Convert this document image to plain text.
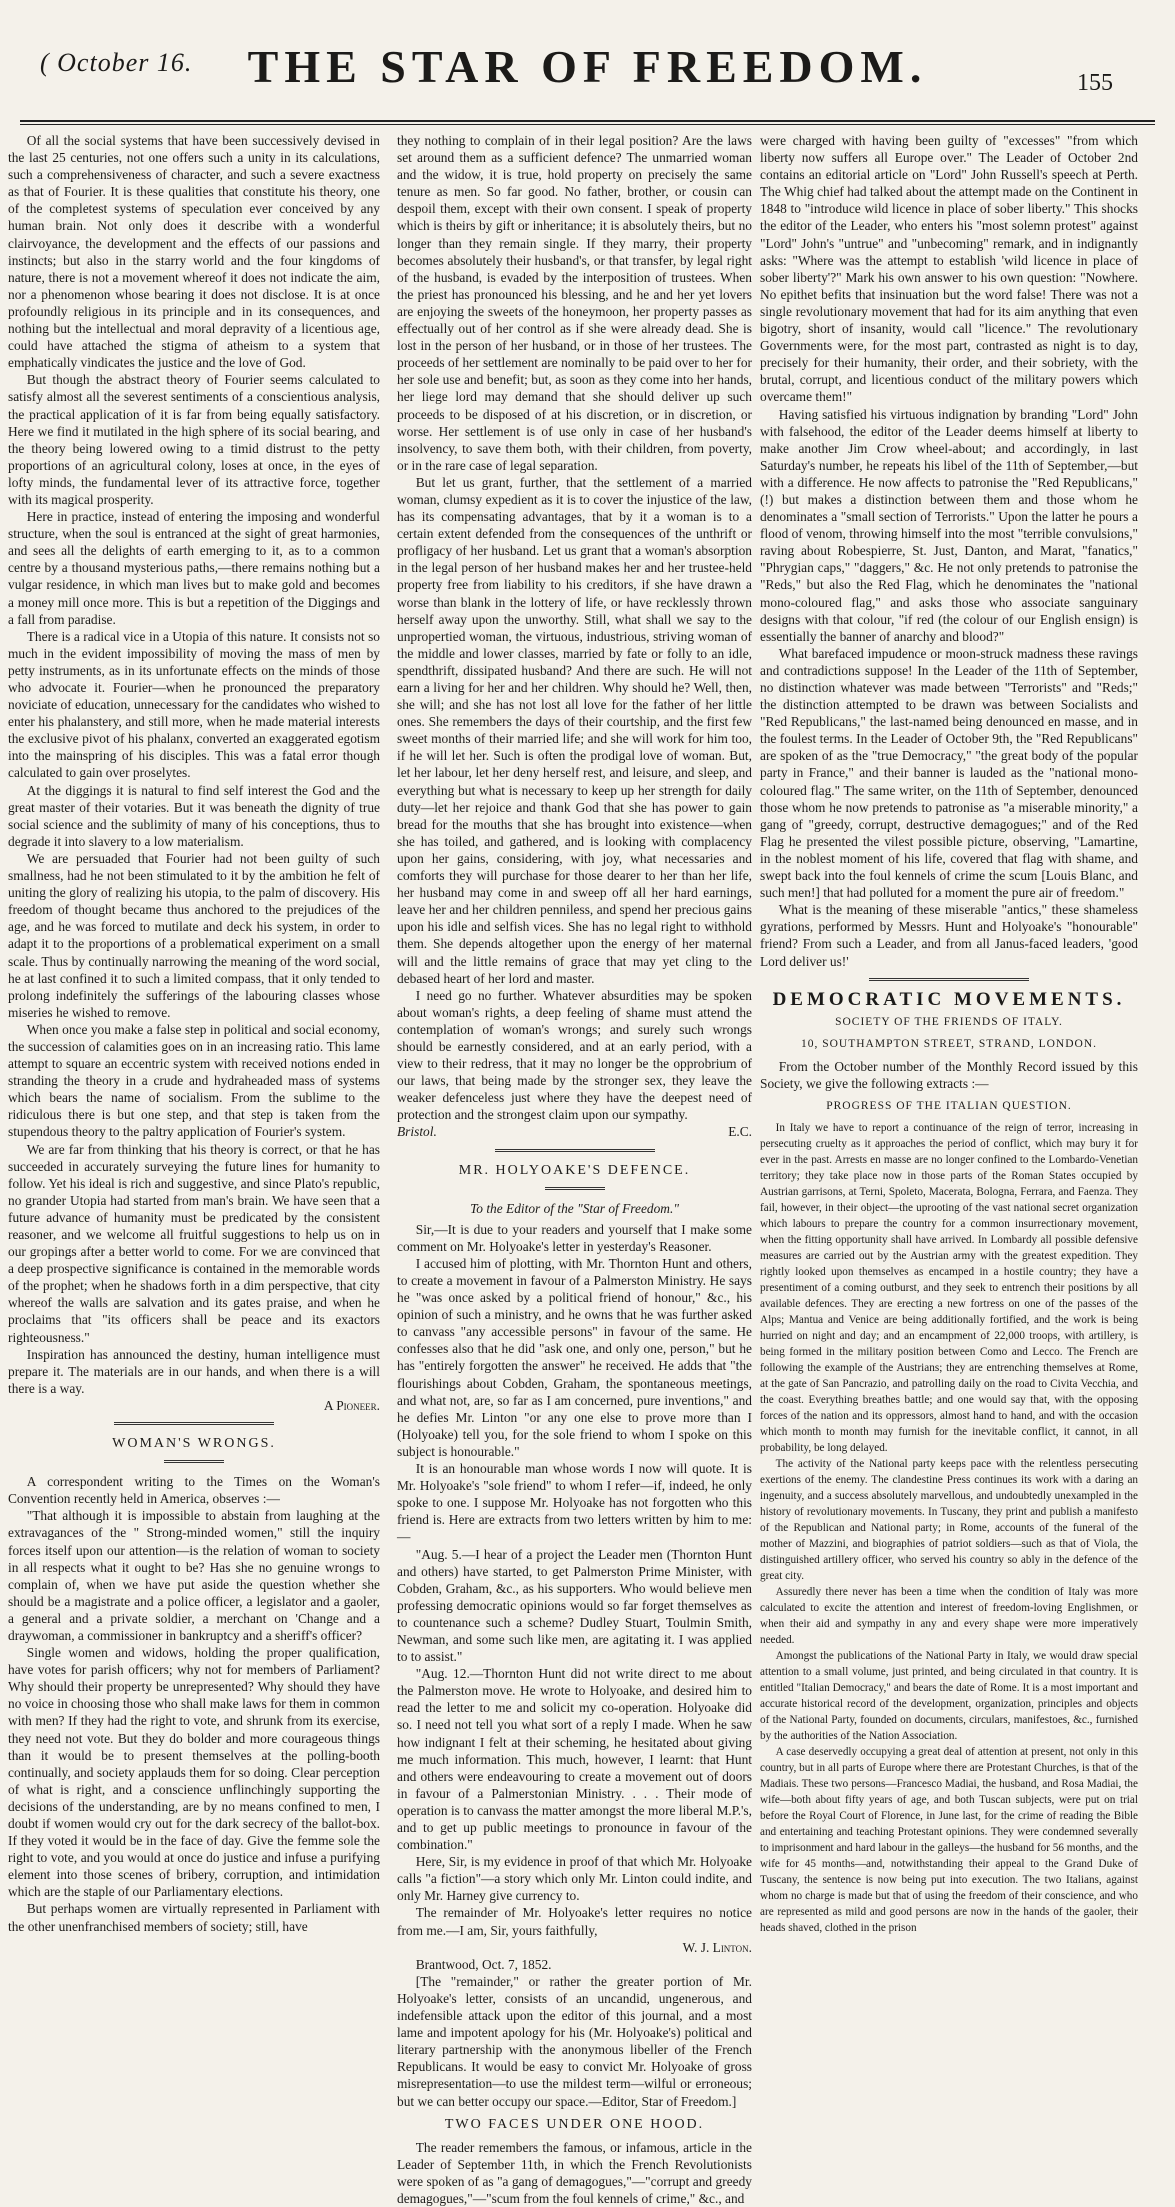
( October 16.	THE STAR OF FREEDOM.	155

Of all the social systems that have been successively devised in the last 25 centuries, not one offers such a unity in its calculations, such a comprehensiveness of character, and such a severe exactness as that of Fourier. It is these qualities that constitute his theory, one of the completest systems of speculation ever conceived by any human brain. Not only does it describe with a wonderful clairvoyance, the development and the effects of our passions and instincts; but also in the starry world and the four kingdoms of nature, there is not a movement whereof it does not indicate the aim, nor a phenomenon whose bearing it does not disclose. It is at once profoundly religious in its principle and in its consequences, and nothing but the intellectual and moral depravity of a licentious age, could have attached the stigma of atheism to a system that emphatically vindicates the justice and the love of God.

But though the abstract theory of Fourier seems calculated to satisfy almost all the severest sentiments of a conscientious analysis, the practical application of it is far from being equally satisfactory. Here we find it mutilated in the high sphere of its social bearing, and the theory being lowered owing to a timid distrust to the petty proportions of an agricultural colony, loses at once, in the eyes of lofty minds, the fundamental lever of its attractive force, together with its magical prosperity.

Here in practice, instead of entering the imposing and wonderful structure, when the soul is entranced at the sight of great harmonies, and sees all the delights of earth emerging to it, as to a common centre by a thousand mysterious paths,—there remains nothing but a vulgar residence, in which man lives but to make gold and becomes a money mill once more. This is but a repetition of the Diggings and a fall from paradise.

There is a radical vice in a Utopia of this nature. It consists not so much in the evident impossibility of moving the mass of men by petty instruments, as in its unfortunate effects on the minds of those who advocate it. Fourier—when he pronounced the preparatory noviciate of education, unnecessary for the candidates who wished to enter his phalanstery, and still more, when he made material interests the exclusive pivot of his phalanx, converted an exaggerated egotism into the mainspring of his disciples. This was a fatal error though calculated to gain over proselytes.

At the diggings it is natural to find self interest the God and the great master of their votaries. But it was beneath the dignity of true social science and the sublimity of many of his conceptions, thus to degrade it into slavery to a low materialism.

We are persuaded that Fourier had not been guilty of such smallness, had he not been stimulated to it by the ambition he felt of uniting the glory of realizing his utopia, to the palm of discovery. His freedom of thought became thus anchored to the prejudices of the age, and he was forced to mutilate and deck his system, in order to adapt it to the proportions of a problematical experiment on a small scale. Thus by continually narrowing the meaning of the word social, he at last confined it to such a limited compass, that it only tended to prolong indefinitely the sufferings of the labouring classes whose miseries he wished to remove.

When once you make a false step in political and social economy, the succession of calamities goes on in an increasing ratio. This lame attempt to square an eccentric system with received notions ended in stranding the theory in a crude and hydraheaded mass of systems which bears the name of socialism. From the sublime to the ridiculous there is but one step, and that step is taken from the stupendous theory to the paltry application of Fourier's system.

We are far from thinking that his theory is correct, or that he has succeeded in accurately surveying the future lines for humanity to follow. Yet his ideal is rich and suggestive, and since Plato's republic, no grander Utopia had started from man's brain. We have seen that a future advance of humanity must be predicated by the consistent reasoner, and we welcome all fruitful suggestions to help us on in our gropings after a better world to come. For we are convinced that a deep prospective significance is contained in the memorable words of the prophet; when he shadows forth in a dim perspective, that city whereof the walls are salvation and its gates praise, and when he proclaims that "its officers shall be peace and its exactors righteousness."

Inspiration has announced the destiny, human intelligence must prepare it. The materials are in our hands, and when there is a will there is a way.

A Pioneer.
WOMAN'S WRONGS.

A correspondent writing to the Times on the Woman's Convention recently held in America, observes :—

"That although it is impossible to abstain from laughing at the extravagances of the " Strong-minded women," still the inquiry forces itself upon our attention—is the relation of woman to society in all respects what it ought to be? Has she no genuine wrongs to complain of, when we have put aside the question whether she should be a magistrate and a police officer, a legislator and a gaoler, a general and a private soldier, a merchant on 'Change and a draywoman, a commissioner in bankruptcy and a sheriff's officer?

Single women and widows, holding the proper qualification, have votes for parish officers; why not for members of Parliament? Why should their property be unrepresented? Why should they have no voice in choosing those who shall make laws for them in common with men? If they had the right to vote, and shrunk from its exercise, they need not vote. But they do bolder and more courageous things than it would be to present themselves at the polling-booth continually, and society applauds them for so doing. Clear perception of what is right, and a conscience unflinchingly supporting the decisions of the understanding, are by no means confined to men, I doubt if women would cry out for the dark secrecy of the ballot-box. If they voted it would be in the face of day. Give the femme sole the right to vote, and you would at once do justice and infuse a purifying element into those scenes of bribery, corruption, and intimidation which are the staple of our Parliamentary elections.

But perhaps women are virtually represented in Parliament with the other unenfranchised members of society; still, have

they nothing to complain of in their legal position? Are the laws set around them as a sufficient defence? The unmarried woman and the widow, it is true, hold property on precisely the same tenure as men. So far good. No father, brother, or cousin can despoil them, except with their own consent. I speak of property which is theirs by gift or inheritance; it is absolutely theirs, but no longer than they remain single. If they marry, their property becomes absolutely their husband's, or that transfer, by legal right of the husband, is evaded by the interposition of trustees. When the priest has pronounced his blessing, and he and her yet lovers are enjoying the sweets of the honeymoon, her property passes as effectually out of her control as if she were already dead. She is lost in the person of her husband, or in those of her trustees. The proceeds of her settlement are nominally to be paid over to her for her sole use and benefit; but, as soon as they come into her hands, her liege lord may demand that she should deliver up such proceeds to be disposed of at his discretion, or in discretion, or worse. Her settlement is of use only in case of her husband's insolvency, to save them both, with their children, from poverty, or in the rare case of legal separation.

But let us grant, further, that the settlement of a married woman, clumsy expedient as it is to cover the injustice of the law, has its compensating advantages, that by it a woman is to a certain extent defended from the consequences of the unthrift or profligacy of her husband. Let us grant that a woman's absorption in the legal person of her husband makes her and her trustee-held property free from liability to his creditors, if she have drawn a worse than blank in the lottery of life, or have recklessly thrown herself away upon the unworthy. Still, what shall we say to the unpropertied woman, the virtuous, industrious, striving woman of the middle and lower classes, married by fate or folly to an idle, spendthrift, dissipated husband? And there are such. He will not earn a living for her and her children. Why should he? Well, then, she will; and she has not lost all love for the father of her little ones. She remembers the days of their courtship, and the first few sweet months of their married life; and she will work for him too, if he will let her. Such is often the prodigal love of woman. But, let her labour, let her deny herself rest, and leisure, and sleep, and everything but what is necessary to keep up her strength for daily duty—let her rejoice and thank God that she has power to gain bread for the mouths that she has brought into existence—when she has toiled, and gathered, and is looking with complacency upon her gains, considering, with joy, what necessaries and comforts they will purchase for those dearer to her than her life, her husband may come in and sweep off all her hard earnings, leave her and her children penniless, and spend her precious gains upon his idle and selfish vices. She has no legal right to withhold them. She depends altogether upon the energy of her maternal will and the little remains of grace that may yet cling to the debased heart of her lord and master.

I need go no further. Whatever absurdities may be spoken about woman's rights, a deep feeling of shame must attend the contemplation of woman's wrongs; and surely such wrongs should be earnestly considered, and at an early period, with a view to their redress, that it may no longer be the opprobrium of our laws, that being made by the stronger sex, they leave the weaker defenceless just where they have the deepest need of protection and the strongest claim upon our sympathy.

Bristol.	E.C.
MR. HOLYOAKE'S DEFENCE.
To the Editor of the "Star of Freedom."

Sir,—It is due to your readers and yourself that I make some comment on Mr. Holyoake's letter in yesterday's Reasoner.

I accused him of plotting, with Mr. Thornton Hunt and others, to create a movement in favour of a Palmerston Ministry. He says he "was once asked by a political friend of honour," &c., his opinion of such a ministry, and he owns that he was further asked to canvass "any accessible persons" in favour of the same. He confesses also that he did "ask one, and only one, person," but he has "entirely forgotten the answer" he received. He adds that "the flourishings about Cobden, Graham, the spontaneous meetings, and what not, are, so far as I am concerned, pure inventions," and he defies Mr. Linton "or any one else to prove more than I (Holyoake) tell you, for the sole friend to whom I spoke on this subject is honourable."

It is an honourable man whose words I now will quote. It is Mr. Holyoake's "sole friend" to whom I refer—if, indeed, he only spoke to one. I suppose Mr. Holyoake has not forgotten who this friend is. Here are extracts from two letters written by him to me:—

"Aug. 5.—I hear of a project the Leader men (Thornton Hunt and others) have started, to get Palmerston Prime Minister, with Cobden, Graham, &c., as his supporters. Who would believe men professing democratic opinions would so far forget themselves as to countenance such a scheme? Dudley Stuart, Toulmin Smith, Newman, and some such like men, are agitating it. I was applied to to assist."

"Aug. 12.—Thornton Hunt did not write direct to me about the Palmerston move. He wrote to Holyoake, and desired him to read the letter to me and solicit my co-operation. Holyoake did so. I need not tell you what sort of a reply I made. When he saw how indignant I felt at their scheming, he hesitated about giving me much information. This much, however, I learnt: that Hunt and others were endeavouring to create a movement out of doors in favour of a Palmerstonian Ministry. . . . Their mode of operation is to canvass the matter amongst the more liberal M.P.'s, and to get up public meetings to pronounce in favour of the combination."

Here, Sir, is my evidence in proof of that which Mr. Holyoake calls "a fiction"—a story which only Mr. Linton could indite, and only Mr. Harney give currency to.

The remainder of Mr. Holyoake's letter requires no notice from me.—I am, Sir, yours faithfully,

W. J. Linton.

Brantwood, Oct. 7, 1852.

[The "remainder," or rather the greater portion of Mr. Holyoake's letter, consists of an uncandid, ungenerous, and indefensible attack upon the editor of this journal, and a most lame and impotent apology for his (Mr. Holyoake's) political and literary partnership with the anonymous libeller of the French Republicans. It would be easy to convict Mr. Holyoake of gross misrepresentation—to use the mildest term—wilful or erroneous; but we can better occupy our space.—Editor, Star of Freedom.]

TWO FACES UNDER ONE HOOD.

The reader remembers the famous, or infamous, article in the Leader of September 11th, in which the French Revolutionists were spoken of as "a gang of demagogues,"—"corrupt and greedy demagogues,"—"scum from the foul kennels of crime," &c., and

were charged with having been guilty of "excesses" "from which liberty now suffers all Europe over." The Leader of October 2nd contains an editorial article on "Lord" John Russell's speech at Perth. The Whig chief had talked about the attempt made on the Continent in 1848 to "introduce wild licence in place of sober liberty." This shocks the editor of the Leader, who enters his "most solemn protest" against "Lord" John's "untrue" and "unbecoming" remark, and in indignantly asks: "Where was the attempt to establish 'wild licence in place of sober liberty'?" Mark his own answer to his own question: "Nowhere. No epithet befits that insinuation but the word false! There was not a single revolutionary movement that had for its aim anything that even bigotry, short of insanity, would call "licence." The revolutionary Governments were, for the most part, contrasted as night is to day, precisely for their humanity, their order, and their sobriety, with the brutal, corrupt, and licentious conduct of the military powers which overcame them!"

Having satisfied his virtuous indignation by branding "Lord" John with falsehood, the editor of the Leader deems himself at liberty to make another Jim Crow wheel-about; and accordingly, in last Saturday's number, he repeats his libel of the 11th of September,—but with a difference. He now affects to patronise the "Red Republicans," (!) but makes a distinction between them and those whom he denominates a "small section of Terrorists." Upon the latter he pours a flood of venom, throwing himself into the most "terrible convulsions," raving about Robespierre, St. Just, Danton, and Marat, "fanatics," "Phrygian caps," "daggers," &c. He not only pretends to patronise the "Reds," but also the Red Flag, which he denominates the "national mono-coloured flag," and asks those who associate sanguinary designs with that colour, "if red (the colour of our English ensign) is essentially the banner of anarchy and blood?"

What barefaced impudence or moon-struck madness these ravings and contradictions suppose! In the Leader of the 11th of September, no distinction whatever was made between "Terrorists" and "Reds;" the distinction attempted to be drawn was between Socialists and "Red Republicans," the last-named being denounced en masse, and in the foulest terms. In the Leader of October 9th, the "Red Republicans" are spoken of as the "true Democracy," "the great body of the popular party in France," and their banner is lauded as the "national mono-coloured flag." The same writer, on the 11th of September, denounced those whom he now pretends to patronise as "a miserable minority," a gang of "greedy, corrupt, destructive demagogues;" and of the Red Flag he presented the vilest possible picture, observing, "Lamartine, in the noblest moment of his life, covered that flag with shame, and swept back into the foul kennels of crime the scum [Louis Blanc, and such men!] that had polluted for a moment the pure air of freedom."

What is the meaning of these miserable "antics," these shameless gyrations, performed by Messrs. Hunt and Holyoake's "honourable" friend? From such a Leader, and from all Janus-faced leaders, 'good Lord deliver us!'

DEMOCRATIC MOVEMENTS.
SOCIETY OF THE FRIENDS OF ITALY.
10, SOUTHAMPTON STREET, STRAND, LONDON.

From the October number of the Monthly Record issued by this Society, we give the following extracts :—

PROGRESS OF THE ITALIAN QUESTION.

In Italy we have to report a continuance of the reign of terror, increasing in persecuting cruelty as it approaches the period of conflict, which may bury it for ever in the past. Arrests en masse are no longer confined to the Lombardo-Venetian territory; they take place now in those parts of the Roman States occupied by Austrian garrisons, at Terni, Spoleto, Macerata, Bologna, Ferrara, and Faenza. They fail, however, in their object—the uprooting of the vast national secret organization which labours to prepare the country for a common insurrectionary movement, when the fitting opportunity shall have arrived. In Lombardy all possible defensive measures are carried out by the Austrian army with the greatest expedition. They rightly looked upon themselves as encamped in a hostile country; they have a presentiment of a coming outburst, and they seek to entrench their positions by all available defences. They are erecting a new fortress on one of the passes of the Alps; Mantua and Venice are being additionally fortified, and the work is being hurried on night and day; and an encampment of 22,000 troops, with artillery, is being formed in the military position between Como and Lecco. The French are following the example of the Austrians; they are entrenching themselves at Rome, at the gate of San Pancrazio, and patrolling daily on the road to Civita Vecchia, and the coast. Everything breathes battle; and one would say that, with the opposing forces of the nation and its oppressors, almost hand to hand, and with the occasion which month to month may furnish for the inevitable conflict, it cannot, in all probability, be long delayed.

The activity of the National party keeps pace with the relentless persecuting exertions of the enemy. The clandestine Press continues its work with a daring an ingenuity, and a success absolutely marvellous, and undoubtedly unexampled in the history of revolutionary movements. In Tuscany, they print and publish a manifesto of the Republican and National party; in Rome, accounts of the funeral of the mother of Mazzini, and biographies of patriot soldiers—such as that of Viola, the distinguished artillery officer, who served his country so ably in the defence of the great city.

Assuredly there never has been a time when the condition of Italy was more calculated to excite the attention and interest of freedom-loving Englishmen, or when their aid and sympathy in any and every shape were more imperatively needed.

Amongst the publications of the National Party in Italy, we would draw special attention to a small volume, just printed, and being circulated in that country. It is entitled "Italian Democracy," and bears the date of Rome. It is a most important and accurate historical record of the development, organization, principles and objects of the National Party, founded on documents, circulars, manifestoes, &c., furnished by the authorities of the Nation Association.

A case deservedly occupying a great deal of attention at present, not only in this country, but in all parts of Europe where there are Protestant Churches, is that of the Madiais. These two persons—Francesco Madiai, the husband, and Rosa Madiai, the wife—both about fifty years of age, and both Tuscan subjects, were put on trial before the Royal Court of Florence, in June last, for the crime of reading the Bible and entertaining and teaching Protestant opinions. They were condemned severally to imprisonment and hard labour in the galleys—the husband for 56 months, and the wife for 45 months—and, notwithstanding their appeal to the Grand Duke of Tuscany, the sentence is now being put into execution. The two Italians, against whom no charge is made but that of using the freedom of their conscience, and who are represented as mild and good persons are now in the hands of the gaoler, their heads shaved, clothed in the prison
